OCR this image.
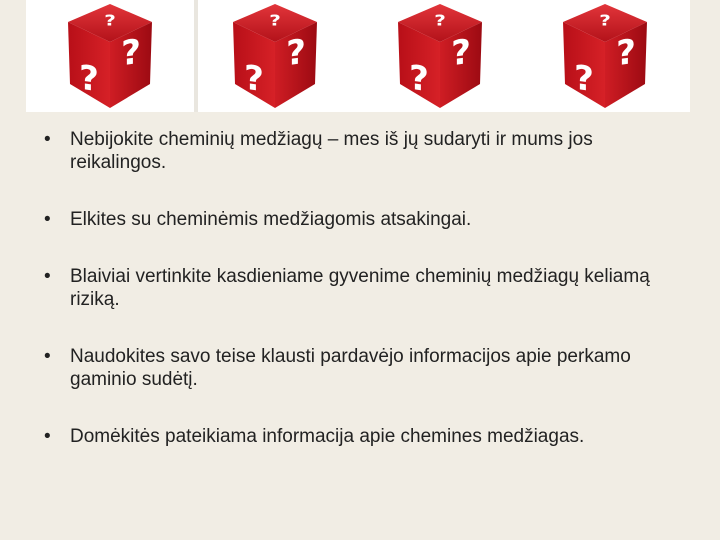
?
?
?
?
?
?
?
?
?
?
?
?
• Nebijokite cheminių medžiagų – mes iš jų sudaryti ir mums jos reikalingos.
• Elkites su cheminėmis medžiagomis atsakingai.
• Blaiviai vertinkite kasdieniame gyvenime cheminių medžiagų keliamą riziką.
• Naudokites savo teise klausti pardavėjo informacijos apie perkamo gaminio sudėtį.
• Domėkitės pateikiama informacija apie chemines medžiagas.
